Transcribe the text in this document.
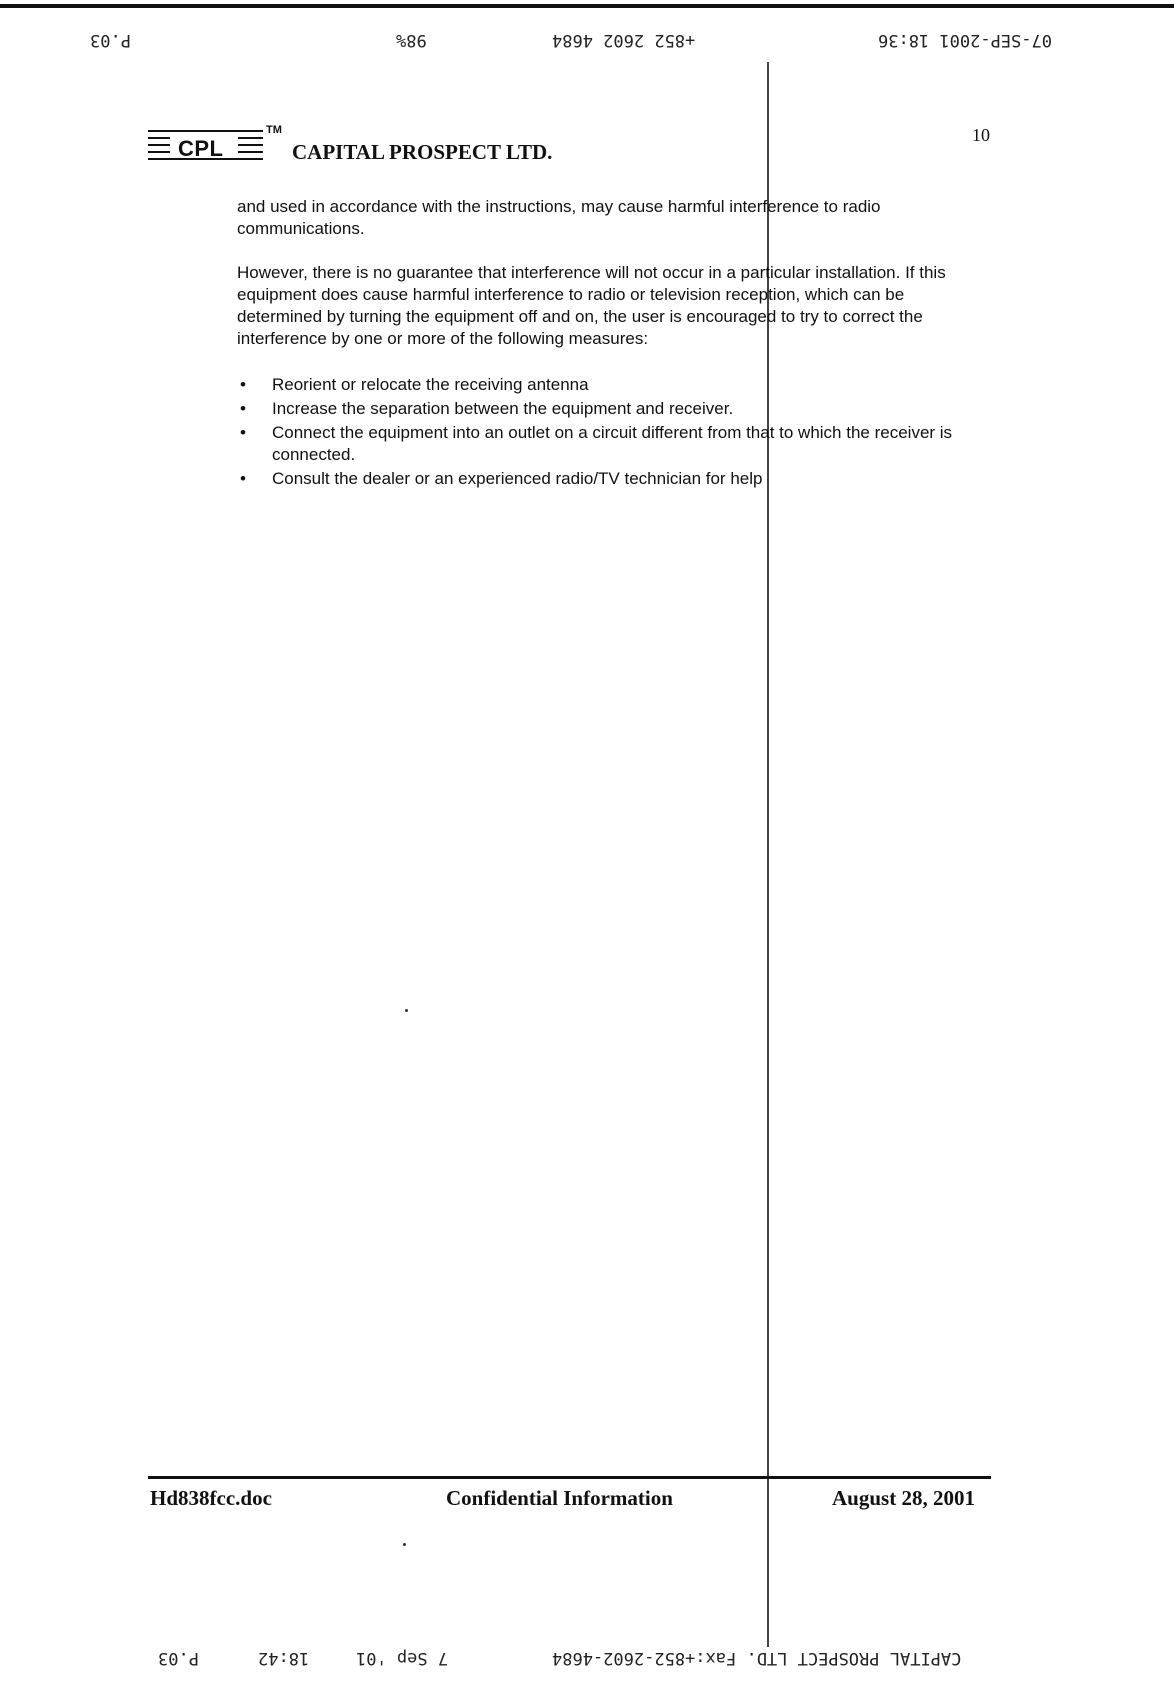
P.03	98%	+852 2602 4684	07-SEP-2001 18:36
CPL
TM
CAPITAL PROSPECT LTD.
10
and used in accordance with the instructions, may cause harmful interference to radio communications.
However, there is no guarantee that interference will not occur in a particular installation. If this equipment does cause harmful interference to radio or television reception, which can be determined by turning the equipment off and on, the user is encouraged to try to correct the interference by one or more of the following measures:
• Reorient or relocate the receiving antenna
• Increase the separation between the equipment and receiver.
• Connect the equipment into an outlet on a circuit different from that to which the receiver is connected.
• Consult the dealer or an experienced radio/TV technician for help
Hd838fcc.doc	Confidential Information	August 28, 2001
P.03	18:42	7 Sep '01	CAPITAL PROSPECT LTD. Fax:+852-2602-4684
